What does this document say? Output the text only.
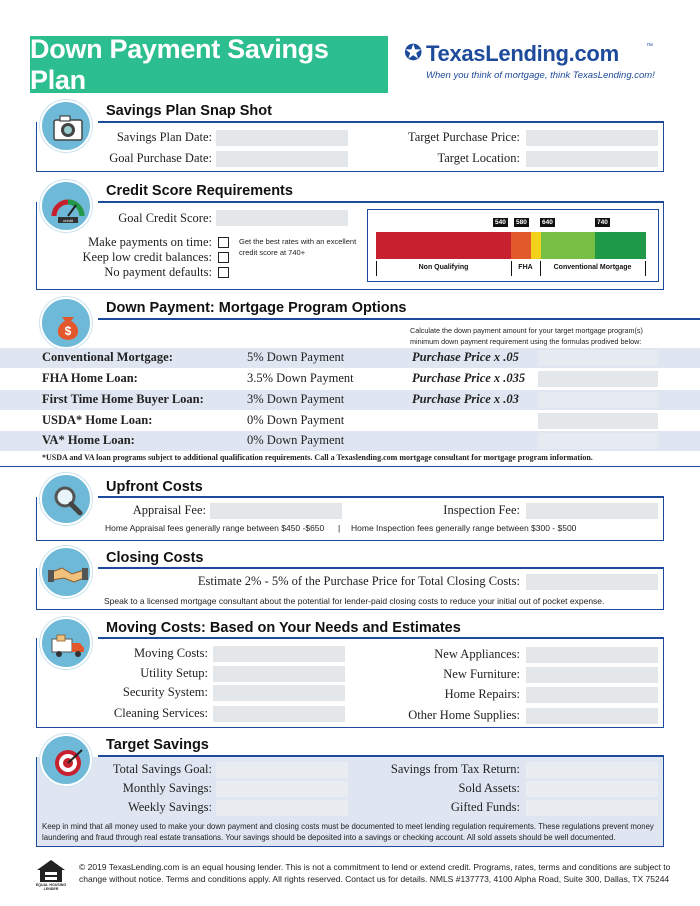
Down Payment Savings Plan
✪ TexasLending.com	™
When you think of mortgage, think TexasLending.com!
Savings Plan Snap Shot
Savings Plan Date:
Goal Purchase Date:
Target Purchase Price:
Target Location:
credit
Credit Score Requirements
Goal Credit Score:
Make payments on time:
Keep low credit balances:
No payment defaults:
Get the best rates with an excellent credit score at 740+
540	580	640	740
Non Qualifying	FHA	Conventional Mortgage
$
Down Payment: Mortgage Program Options
Calculate the down payment amount for your target mortgage program(s) minimum down payment requirement using the formulas prodived below:
Conventional Mortgage:	5% Down Payment	Purchase Price x .05
FHA Home Loan:	3.5% Down Payment	Purchase Price x .035
First Time Home Buyer Loan:	3% Down Payment	Purchase Price x .03
USDA* Home Loan:	0% Down Payment
VA* Home Loan:	0% Down Payment
*USDA and VA loan programs subject to additional qualification requirements. Call a Texaslending.com mortgage consultant for mortgage program information.
Upfront Costs
Appraisal Fee:	Inspection Fee:
Home Appraisal fees generally range between $450 -$650 | Home Inspection fees generally range between $300 - $500
Closing Costs
Estimate 2% - 5% of the Purchase Price for Total Closing Costs:
Speak to a licensed mortgage consultant about the potential for lender-paid closing costs to reduce your initial out of pocket expense.
Moving Costs: Based on Your Needs and Estimates
Moving Costs:
Utility Setup:
Security System:
Cleaning Services:
New Appliances:
New Furniture:
Home Repairs:
Other Home Supplies:
Target Savings
Total Savings Goal:
Monthly Savings:
Weekly Savings:
Savings from Tax Return:
Sold Assets:
Gifted Funds:
Keep in mind that all money used to make your down payment and closing costs must be documented to meet lending regulation requirements. These regulations prevent money laundering and fraud through real estate transations. Your savings should be deposited into a savings or checking account. All sold assets should be well documented.
EQUAL HOUSING LENDER
© 2019 TexasLending.com is an equal housing lender. This is not a commitment to lend or extend credit. Programs, rates, terms and conditions are subject to change without notice. Terms and conditions apply. All rights reserved. Contact us for details. NMLS #137773, 4100 Alpha Road, Suite 300, Dallas, TX 75244
